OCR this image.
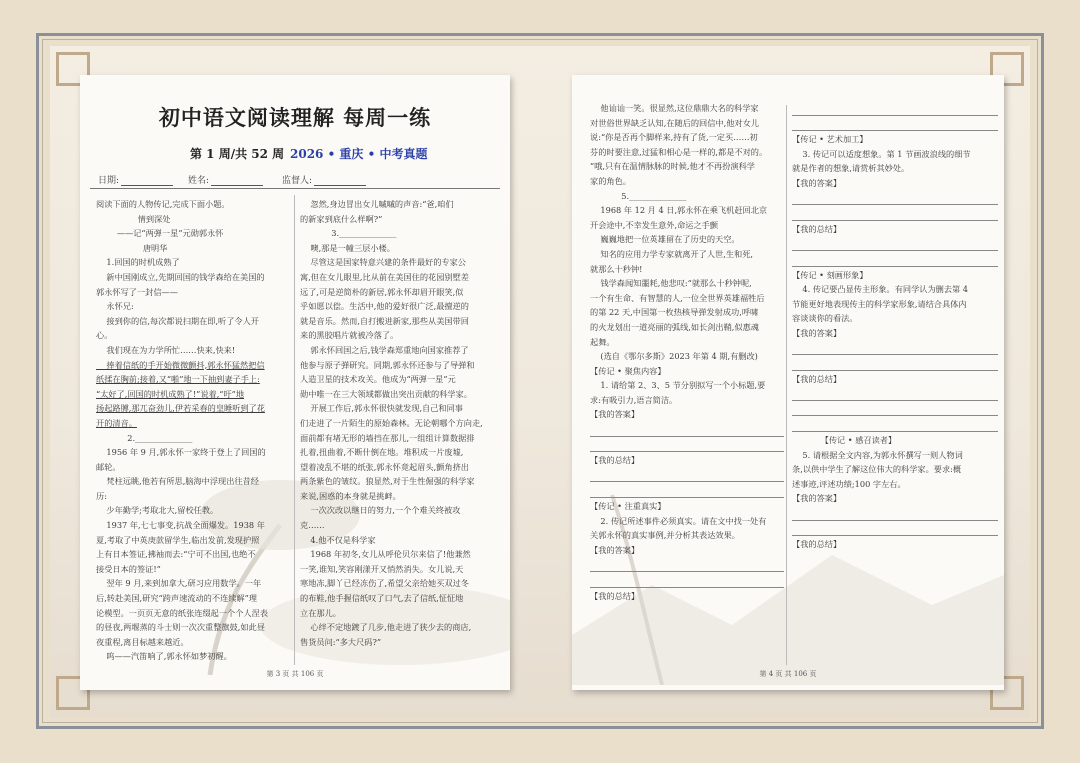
初中语文阅读理解 每周一练
第 1 周/共 52 周 2026 • 重庆 • 中考真题
日期:	姓名:	监督人:
阅读下面的人物传记,完成下面小题。
情到深处
——记“两弹一星”元勋郭永怀
唐明华
1.回国的时机成熟了
新中国刚成立,先期回国的钱学森给在美国的
郭永怀写了一封信——
永怀兄:
接到你的信,每次都说扫期在即,听了令人开
心。
我们现在为力学所忙……快来,快来!
捧着信纸的手开始微微颤抖,郭永怀猛然把信
纸揉在胸前;接着,又“啪”地一下抽到妻子手上:
“太好了,回国的时机成熟了!”说着,“吁”地
扬起路膊,那兀奋劲儿,伊若采春的皇睡听到了花
开的清音。
2.______________
1956 年 9 月,郭永怀一家终于登上了回国的
邮轮。
梵柱远眺,他若有所思,脑海中浮现出往昔经
历:
少年勤学;考取北大,留校任教。
1937 年,七七事变,抗战全面爆发。1938 年
夏,考取了中英庚款留学生,临出发前,发现护照
上有日本签证,拂袖而去:“宁可不出国,也绝不
接受日本的签证!”
翌年 9 月,来到加拿大,研习应用数学。一年
后,转赴美国,研究“跨声速流动的不连续解”理
论模型。一页页无意的纸张连缀起一个个人涅表
的昼夜,两堰蒸的斗士则一次次重整旗鼓,如此昼
夜重程,离目标越来越近。
呜——汽笛响了,郭永怀如梦初醒。
忽然,身边冒出女儿嘁嘁的声音:“爸,咱们
的新家到底什么样啊?”
3.______________
噢,那是一幢三层小楼。
尽管这是国家特意兴建的条件最好的专家公
寓,但在女儿眼里,比从前在美国住的花园别墅差
远了,可是逆简朴的新居,郭永怀却眉开眼笑,似
乎如愿以偿。生活中,他的爱好很广泛,最擅逆的
就是音乐。然而,自打搬进新家,那些从美国带回
来的黑胶唱片就被冷落了。
郭永怀回国之后,钱学森郑重地向国家推荐了
他参与原子弹研究。同期,郭永怀还参与了导弹和
人造卫星的技术攻关。他成为“两弹一星”元
勋中唯一在三大领域都做出突出贡献的科学家。
开展工作后,郭永怀很快就发现,自己和同事
们走进了一片陌生的原始森林。无论朝哪个方向走,
面前都有堵无形的墙挡在那儿,一组组计算数据排
扎着,扭曲着,不断什倒在地。堆积成一片废墟,
望着凌乱不堪的纸张,郭永怀竟起眉头,颤角挤出
两条紫色的皱纹。狼显然,对于生性倔强的科学家
来说,困惑的本身就是挑衅。
一次次改以继日的努力,一个个难关终被攻
克……
4.他不仅是科学家
1968 年初冬,女儿从呼伦贝尔来信了!他兼然
一笑,谁知,笑容刚漾开又悄然消失。女儿说,天
寒地冻,脚丫已经冻伤了,希望父亲给她买双过冬
的布鞋,他手握信纸叹了口气,去了信纸,怔怔地
立在那儿。
心绊不定地踱了几步,他走进了狭少去的商店,
售货员问:“多大尺码?”
第 3 页 共 106 页
他讪讪一笑。很显然,这位鼎鼎大名的科学家
对世俗世界缺乏认知,在随后的回信中,他对女儿
说:“你是否再个脚样来,持有了货,一定买……初
芬的时要注意,过猛和相心是一样的,都是不对的。
”哦,只有在温情脉脉的时候,他才不再扮演科学
家的角色。
5.______________
1968 年 12 月 4 日,郭永怀在乘飞机赶回北京
开会途中,不幸发生意外,命运之手颤
巍巍地把一位英雄留在了历史的天空。
知名的应用力学专家就离开了人世,生和死,
就那么十秒钟!
钱学森闻知噩耗,他悲叹:“就那么十秒钟呢,
一个有生命、有智慧的人,一位全世界英雄福牲后
的第 22 天,中国第一枚热核导弹发射成功,呼啸
的火龙划出一道亮丽的弧线,如长剑出鞘,似惠魂
起舞。
(选自《鄂尔多斯》2023 年第 4 期,有删改)
【传记 • 聚焦内容】
1. 请给第 2、3、5 节分别拟写一个小标题,要
求:有吸引力,语言简洁。
【我的答案】
【我的总结】
【传记 • 注重真实】
2. 传记所述事件必须真实。请在文中找一处有
关郭永怀的真实事例,并分析其表达效果。
【我的答案】
【我的总结】
【传记 • 艺术加工】
3. 传记可以适度想象。第 1 节画波浪线的细节
就是作者的想象,请赏析其妙处。
【我的答案】
【我的总结】
【传记 • 刻画形象】
4. 传记要凸显传主形象。有同学认为删去第 4
节能更好地表现传主的科学家形象,请结合具体内
容谈谈你的看法。
【我的答案】
【我的总结】
【传记 • 感召读者】
5. 请根据全文内容,为郭永怀撰写一则人物词
条,以供中学生了解这位伟大的科学家。要求:概
述事迹,评述功绩;100 字左右。
【我的答案】
【我的总结】
第 4 页 共 106 页
